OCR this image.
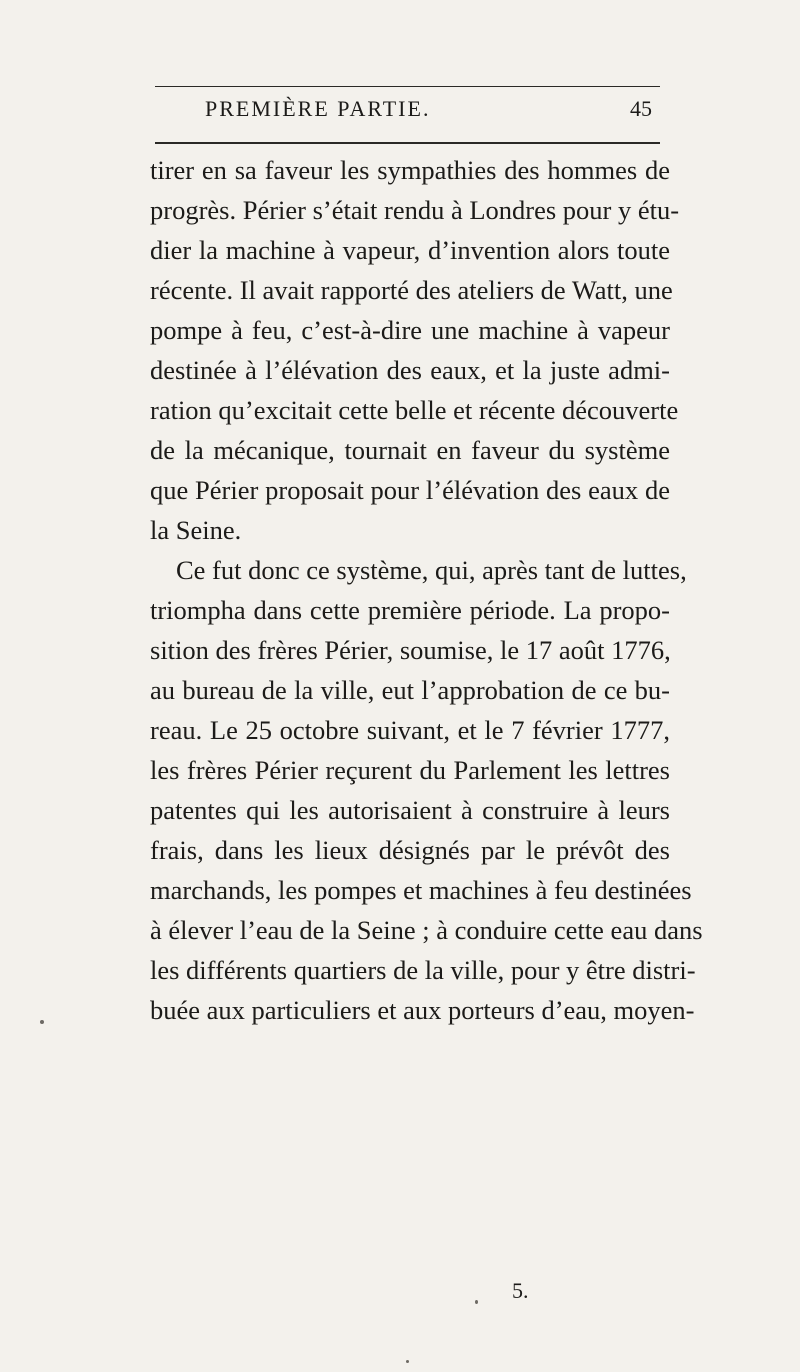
PREMIÈRE PARTIE.	45
tirer en sa faveur les sympathies des hommes de
progrès. Périer s’était rendu à Londres pour y étu-
dier la machine à vapeur, d’invention alors toute
récente. Il avait rapporté des ateliers de Watt, une
pompe à feu, c’est-à-dire une machine à vapeur
destinée à l’élévation des eaux, et la juste admi-
ration qu’excitait cette belle et récente découverte
de la mécanique, tournait en faveur du système
que Périer proposait pour l’élévation des eaux de
la Seine.
Ce fut donc ce système, qui, après tant de luttes,
triompha dans cette première période. La propo-
sition des frères Périer, soumise, le 17 août 1776,
au bureau de la ville, eut l’approbation de ce bu-
reau. Le 25 octobre suivant, et le 7 février 1777,
les frères Périer reçurent du Parlement les lettres
patentes qui les autorisaient à construire à leurs
frais, dans les lieux désignés par le prévôt des
marchands, les pompes et machines à feu destinées
à élever l’eau de la Seine ; à conduire cette eau dans
les différents quartiers de la ville, pour y être distri-
buée aux particuliers et aux porteurs d’eau, moyen-
5.
